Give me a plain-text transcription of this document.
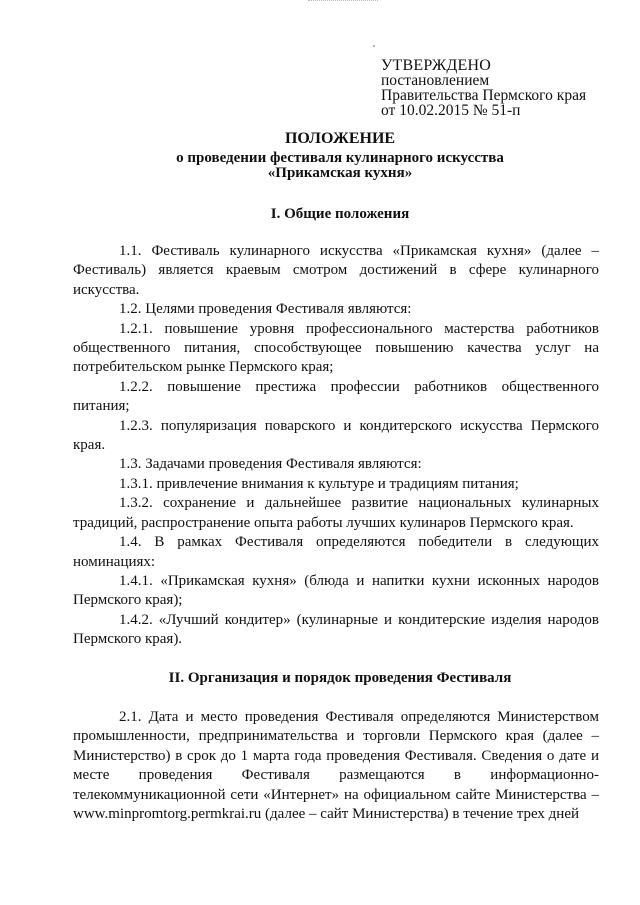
УТВЕРЖДЕНО
постановлением
Правительства Пермского края
от 10.02.2015 № 51-п
ПОЛОЖЕНИЕ
о проведении фестиваля кулинарного искусства
«Прикамская кухня»
I. Общие положения

1.1. Фестиваль кулинарного искусства «Прикамская кухня» (далее – Фестиваль) является краевым смотром достижений в сфере кулинарного искусства.

1.2. Целями проведения Фестиваля являются:

1.2.1. повышение уровня профессионального мастерства работников общественного питания, способствующее повышению качества услуг на потребительском рынке Пермского края;

1.2.2. повышение престижа профессии работников общественного питания;

1.2.3. популяризация поварского и кондитерского искусства Пермского края.

1.3. Задачами проведения Фестиваля являются:

1.3.1. привлечение внимания к культуре и традициям питания;

1.3.2. сохранение и дальнейшее развитие национальных кулинарных традиций, распространение опыта работы лучших кулинаров Пермского края.

1.4. В рамках Фестиваля определяются победители в следующих номинациях:

1.4.1. «Прикамская кухня» (блюда и напитки кухни исконных народов Пермского края);

1.4.2. «Лучший кондитер» (кулинарные и кондитерские изделия народов Пермского края).

II. Организация и порядок проведения Фестиваля

2.1. Дата и место проведения Фестиваля определяются Министерством промышленности, предпринимательства и торговли Пермского края (далее – Министерство) в срок до 1 марта года проведения Фестиваля. Сведения о дате и месте проведения Фестиваля размещаются в информационно-телекоммуникационной сети «Интернет» на официальном сайте Министерства – www.minpromtorg.permkrai.ru (далее – сайт Министерства) в течение трех дней
